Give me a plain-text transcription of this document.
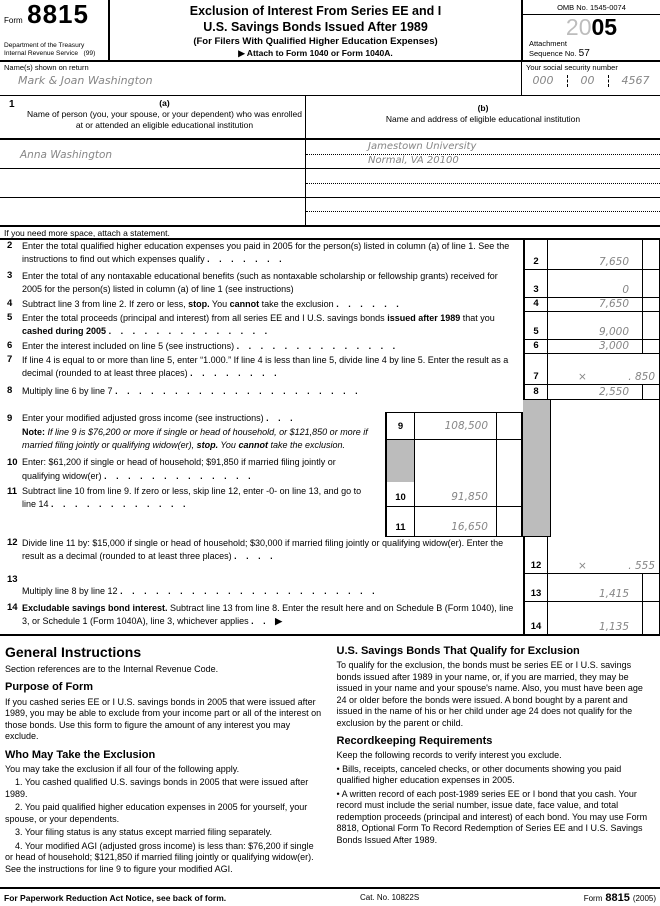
Form 8815
Department of the Treasury
Internal Revenue Service (99)
Exclusion of Interest From Series EE and I
U.S. Savings Bonds Issued After 1989
(For Filers With Qualified Higher Education Expenses)
▶ Attach to Form 1040 or Form 1040A.
OMB No. 1545-0074
2005
Attachment
Sequence No. 57
Name(s) shown on return
Mark & Joan Washington
Your social security number
000 00 4567
1	(a)
Name of person (you, your spouse, or your dependent) who was enrolled at or attended an eligible educational institution
(b)
Name and address of eligible educational institution
Anna Washington
Jamestown University
Normal, VA 20100
If you need more space, attach a statement.
2	Enter the total qualified higher education expenses you paid in 2005 for the person(s) listed in column (a) of line 1. See the instructions to find out which expenses qualify . . . . . . .	2	7,650
3	Enter the total of any nontaxable educational benefits (such as nontaxable scholarship or fellowship grants) received for 2005 for the person(s) listed in column (a) of line 1 (see instructions)	3	0
4	Subtract line 3 from line 2. If zero or less, stop. You cannot take the exclusion . . . . . .	4	7,650
5	Enter the total proceeds (principal and interest) from all series EE and I U.S. savings bonds issued after 1989 that you cashed during 2005 . . . . . . . . . . . . . .	5	9,000
6	Enter the interest included on line 5 (see instructions) . . . . . . . . . . . . . .	6	3,000
7	If line 4 is equal to or more than line 5, enter “1.000.” If line 4 is less than line 5, divide line 4 by line 5. Enter the result as a decimal (rounded to at least three places) . . . . . . . .	7	×	. 850
8	Multiply line 6 by line 7 . . . . . . . . . . . . . . . . . . . . .	8	2,550
9	Enter your modified adjusted gross income (see instructions) . . .
Note: If line 9 is $76,200 or more if single or head of household, or $121,850 or more if married filing jointly or qualifying widow(er), stop. You cannot take the exclusion.
10 Enter: $61,200 if single or head of household; $91,850 if married filing jointly or qualifying widow(er) . . . . . . . . . . . . .
11 Subtract line 10 from line 9. If zero or less, skip line 12, enter -0- on line 13, and go to line 14 . . . . . . . . . . . .
9	108,500
10	91,850
11	16,650
12 Divide line 11 by: $15,000 if single or head of household; $30,000 if married filing jointly or qualifying widow(er). Enter the result as a decimal (rounded to at least three places) . . . .
12	×	. 555
13
Multiply line 8 by line 12 . . . . . . . . . . . . . . . . . . . . . .	13	1,415
14 Excludable savings bond interest. Subtract line 13 from line 8. Enter the result here and on Schedule B (Form 1040), line 3, or Schedule 1 (Form 1040A), line 3, whichever applies . . ▶	14	1,135
General Instructions
Section references are to the Internal Revenue Code.
Purpose of Form
If you cashed series EE or I U.S. savings bonds in 2005 that were issued after 1989, you may be able to exclude from your income part or all of the interest on those bonds. Use this form to figure the amount of any interest you may exclude.
Who May Take the Exclusion
You may take the exclusion if all four of the following apply.
1. You cashed qualified U.S. savings bonds in 2005 that were issued after 1989.
2. You paid qualified higher education expenses in 2005 for yourself, your spouse, or your dependents.
3. Your filing status is any status except married filing separately.
4. Your modified AGI (adjusted gross income) is less than: $76,200 if single or head of household; $121,850 if married filing jointly or qualifying widow(er). See the instructions for line 9 to figure your modified AGI.
U.S. Savings Bonds That Qualify for Exclusion
To qualify for the exclusion, the bonds must be series EE or I U.S. savings bonds issued after 1989 in your name, or, if you are married, they may be issued in your name and your spouse's name. Also, you must have been age 24 or older before the bonds were issued. A bond bought by a parent and issued in the name of his or her child under age 24 does not qualify for the exclusion by the parent or child.
Recordkeeping Requirements
Keep the following records to verify interest you exclude.
• Bills, receipts, canceled checks, or other documents showing you paid qualified higher education expenses in 2005.
• A written record of each post-1989 series EE or I bond that you cash. Your record must include the serial number, issue date, face value, and total redemption proceeds (principal and interest) of each bond. You may use Form 8818, Optional Form To Record Redemption of Series EE and I U.S. Savings Bonds Issued After 1989.
For Paperwork Reduction Act Notice, see back of form.	Cat. No. 10822S	Form 8815 (2005)
